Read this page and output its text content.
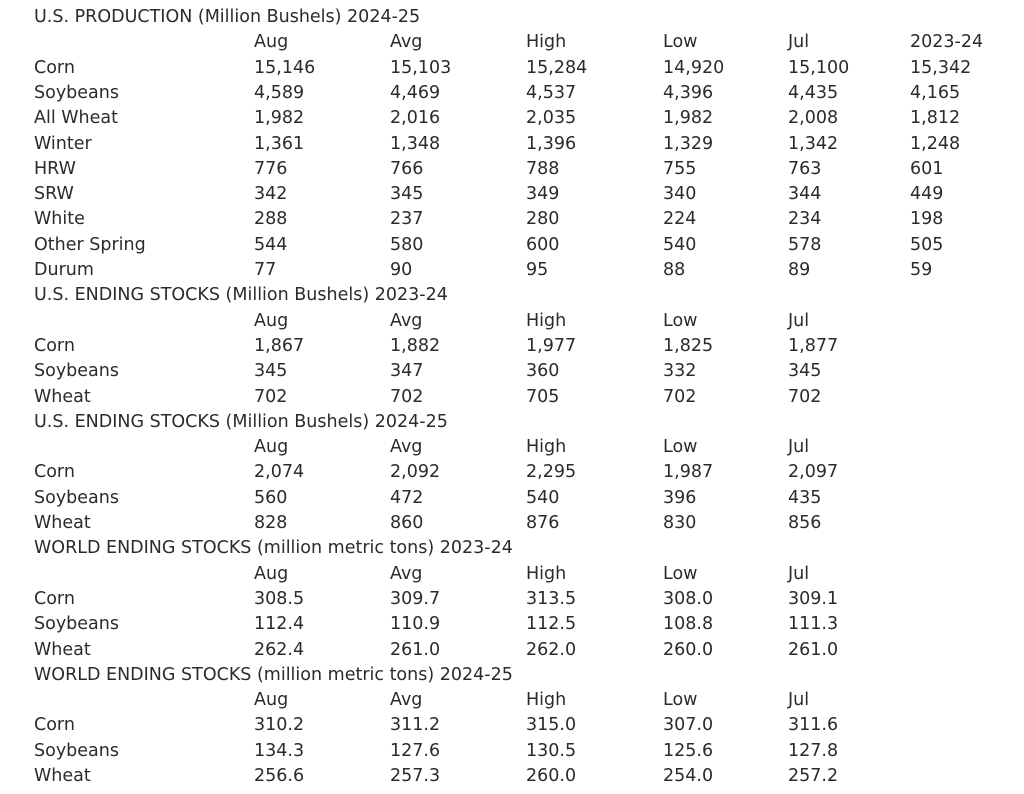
U.S. PRODUCTION (Million Bushels) 2024-25
Aug	Avg	High	Low	Jul	2023-24
Corn	15,146	15,103	15,284	14,920	15,100	15,342
Soybeans	4,589	4,469	4,537	4,396	4,435	4,165
All Wheat	1,982	2,016	2,035	1,982	2,008	1,812
Winter	1,361	1,348	1,396	1,329	1,342	1,248
HRW	776	766	788	755	763	601
SRW	342	345	349	340	344	449
White	288	237	280	224	234	198
Other Spring	544	580	600	540	578	505
Durum	77	90	95	88	89	59
U.S. ENDING STOCKS (Million Bushels) 2023-24
Aug	Avg	High	Low	Jul
Corn	1,867	1,882	1,977	1,825	1,877
Soybeans	345	347	360	332	345
Wheat	702	702	705	702	702
U.S. ENDING STOCKS (Million Bushels) 2024-25
Aug	Avg	High	Low	Jul
Corn	2,074	2,092	2,295	1,987	2,097
Soybeans	560	472	540	396	435
Wheat	828	860	876	830	856
WORLD ENDING STOCKS (million metric tons) 2023-24
Aug	Avg	High	Low	Jul
Corn	308.5	309.7	313.5	308.0	309.1
Soybeans	112.4	110.9	112.5	108.8	111.3
Wheat	262.4	261.0	262.0	260.0	261.0
WORLD ENDING STOCKS (million metric tons) 2024-25
Aug	Avg	High	Low	Jul
Corn	310.2	311.2	315.0	307.0	311.6
Soybeans	134.3	127.6	130.5	125.6	127.8
Wheat	256.6	257.3	260.0	254.0	257.2
